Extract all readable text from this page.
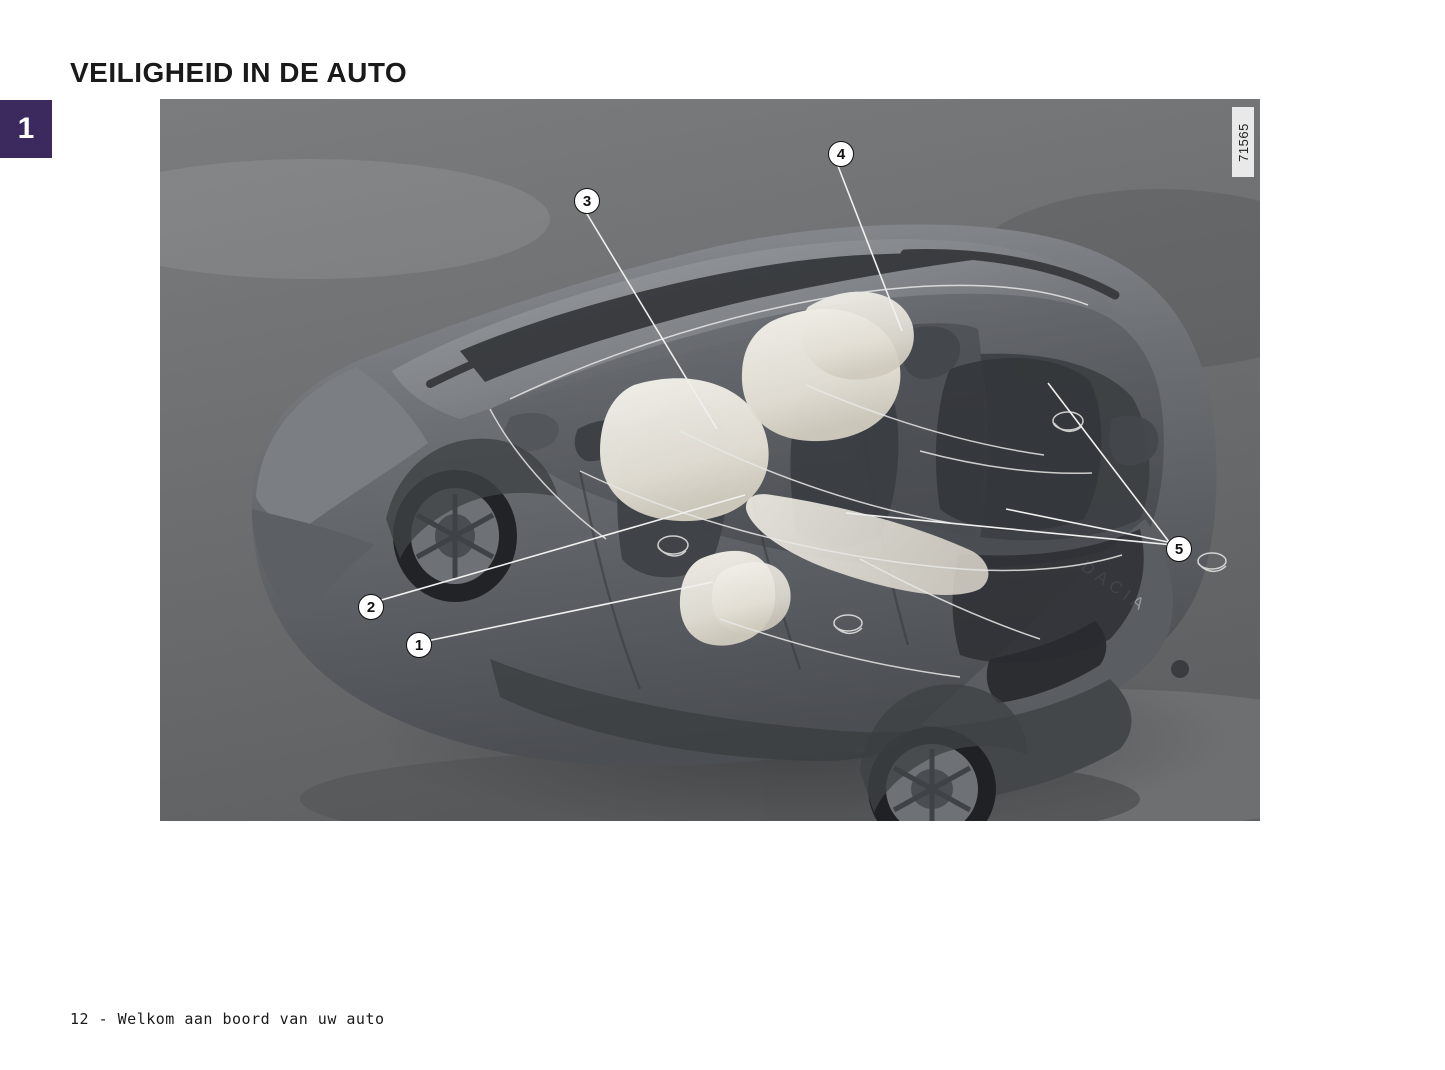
1
VEILIGHEID IN DE AUTO
71565
3
4
2
1
5
12 - Welkom aan boord van uw auto
